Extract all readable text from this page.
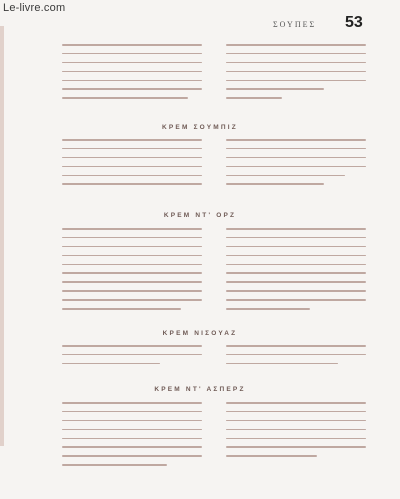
Le-livre.com
ΣΟΥΠΕΣ 53
ΚΡΕΜ ΣΟΥΜΠΙΖ
ΚΡΕΜ ΝΤ' ΟΡΖ
ΚΡΕΜ ΝΙΣΟΥΑΖ
ΚΡΕΜ ΝΤ' ΑΣΠΕΡΖ
